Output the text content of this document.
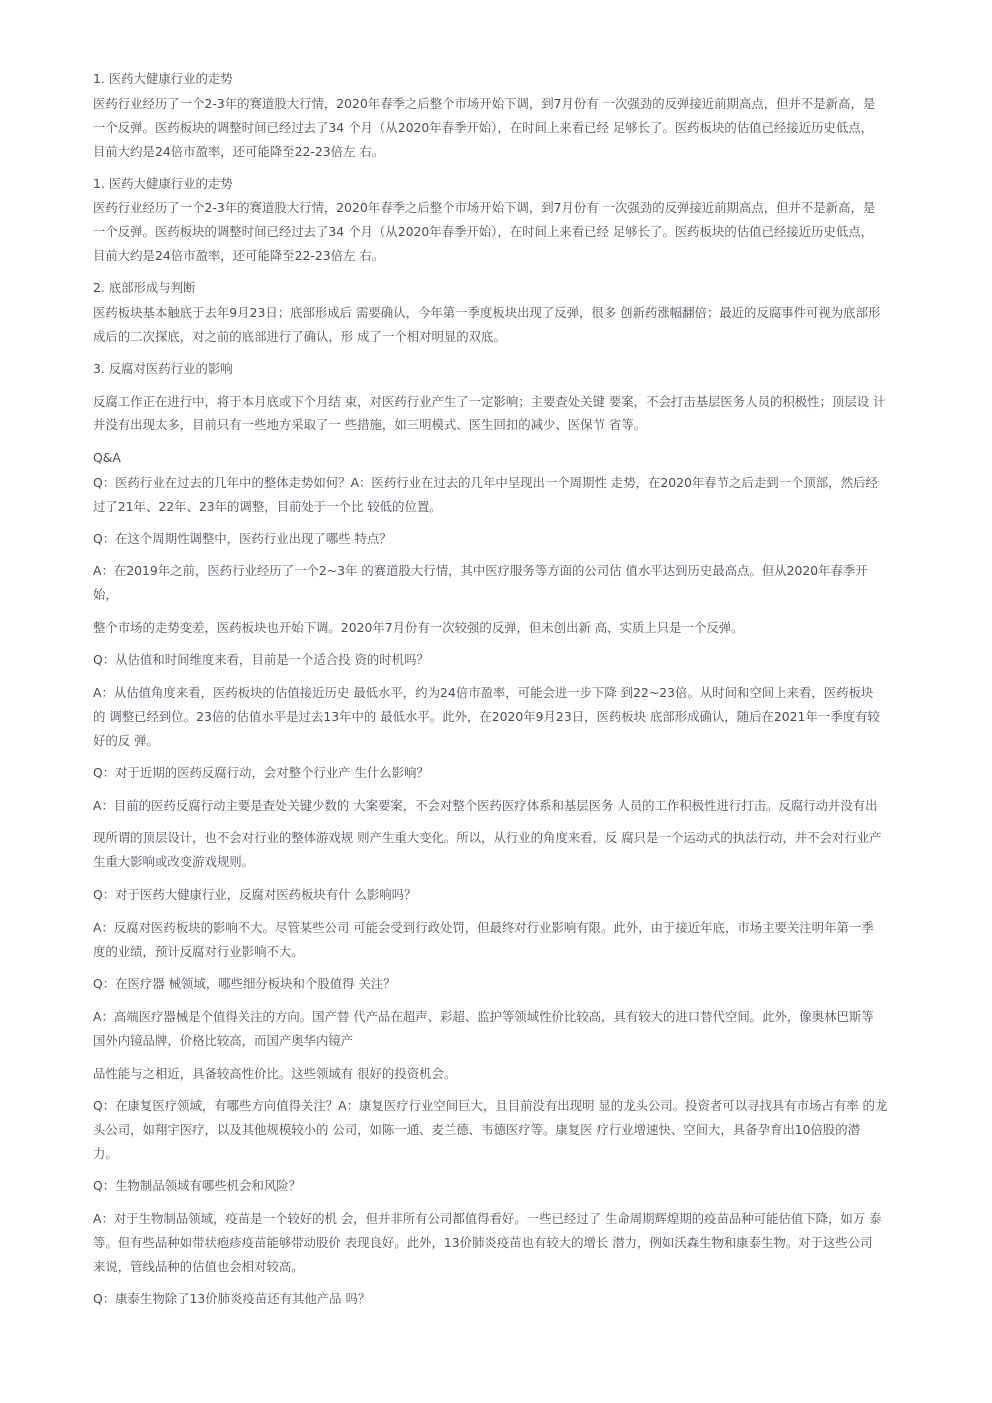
1. 医药大健康行业的走势
医药行业经历了一个2-3年的赛道股大行情，2020年春季之后整个市场开始下调，到7月份有 一次强劲的反弹接近前期高点，但并不是新高，是
一个反弹。医药板块的调整时间已经过去了34 个月（从2020年春季开始），在时间上来看已经 足够长了。医药板块的估值已经接近历史低点，
目前大约是24倍市盈率，还可能降至22-23倍左 右。
1. 医药大健康行业的走势
医药行业经历了一个2-3年的赛道股大行情，2020年春季之后整个市场开始下调，到7月份有 一次强劲的反弹接近前期高点，但并不是新高，是
一个反弹。医药板块的调整时间已经过去了34 个月（从2020年春季开始），在时间上来看已经 足够长了。医药板块的估值已经接近历史低点，
目前大约是24倍市盈率，还可能降至22-23倍左 右。
2. 底部形成与判断
医药板块基本触底于去年9月23日；底部形成后 需要确认，今年第一季度板块出现了反弹，很多 创新药涨幅翻倍；最近的反腐事件可视为底部形
成后的二次探底，对之前的底部进行了确认，形 成了一个相对明显的双底。
3. 反腐对医药行业的影响
反腐工作正在进行中，将于本月底或下个月结 束，对医药行业产生了一定影响；主要查处关键 要案，不会打击基层医务人员的积极性；顶层设 计
并没有出现太多，目前只有一些地方采取了一 些措施，如三明模式、医生回扣的减少、医保节 省等。
Q&A
Q：医药行业在过去的几年中的整体走势如何？A：医药行业在过去的几年中呈现出一个周期性 走势，在2020年春节之后走到一个顶部，然后经
过了21年、22年、23年的调整，目前处于一个比 较低的位置。
Q：在这个周期性调整中，医药行业出现了哪些 特点？
A：在2019年之前，医药行业经历了一个2~3年 的赛道股大行情，其中医疗服务等方面的公司估 值水平达到历史最高点。但从2020年春季开
始，
整个市场的走势变差，医药板块也开始下调。2020年7月份有一次较强的反弹，但未创出新 高，实质上只是一个反弹。
Q：从估值和时间维度来看，目前是一个适合投 资的时机吗？
A：从估值角度来看，医药板块的估值接近历史 最低水平，约为24倍市盈率，可能会进一步下降 到22~23倍。从时间和空间上来看，医药板块
的 调整已经到位。23倍的估值水平是过去13年中的 最低水平。此外，在2020年9月23日，医药板块 底部形成确认，随后在2021年一季度有较
好的反 弹。
Q：对于近期的医药反腐行动，会对整个行业产 生什么影响？
A：目前的医药反腐行动主要是查处关键少数的 大案要案，不会对整个医药医疗体系和基层医务 人员的工作积极性进行打击。反腐行动并没有出
现所谓的顶层设计，也不会对行业的整体游戏规 则产生重大变化。所以，从行业的角度来看，反 腐只是一个运动式的执法行动，并不会对行业产
生重大影响或改变游戏规则。
Q：对于医药大健康行业，反腐对医药板块有什 么影响吗？
A：反腐对医药板块的影响不大。尽管某些公司 可能会受到行政处罚，但最终对行业影响有限。此外，由于接近年底，市场主要关注明年第一季
度的业绩，预计反腐对行业影响不大。
Q：在医疗器 械领域，哪些细分板块和个股值得 关注？
A：高端医疗器械是个值得关注的方向。国产替 代产品在超声、彩超、监护等领域性价比较高，具有较大的进口替代空间。此外，像奥林巴斯等
国外内镜品牌，价格比较高，而国产奥华内镜产
品性能与之相近，具备较高性价比。这些领域有 很好的投资机会。
Q：在康复医疗领域，有哪些方向值得关注？A：康复医疗行业空间巨大，且目前没有出现明 显的龙头公司。投资者可以寻找具有市场占有率 的龙
头公司，如翔宇医疗，以及其他规模较小的 公司，如陈一通、麦兰德、韦德医疗等。康复医 疗行业增速快、空间大，具备孕育出10倍股的潜
力。
Q：生物制品领域有哪些机会和风险？
A：对于生物制品领域，疫苗是一个较好的机 会，但并非所有公司都值得看好。一些已经过了 生命周期辉煌期的疫苗品种可能估值下降，如万 泰
等。但有些品种如带状疱疹疫苗能够带动股价 表现良好。此外，13价肺炎疫苗也有较大的增长 潜力，例如沃森生物和康泰生物。对于这些公司
来说，管线品种的估值也会相对较高。
Q：康泰生物除了13价肺炎疫苗还有其他产品 吗？
